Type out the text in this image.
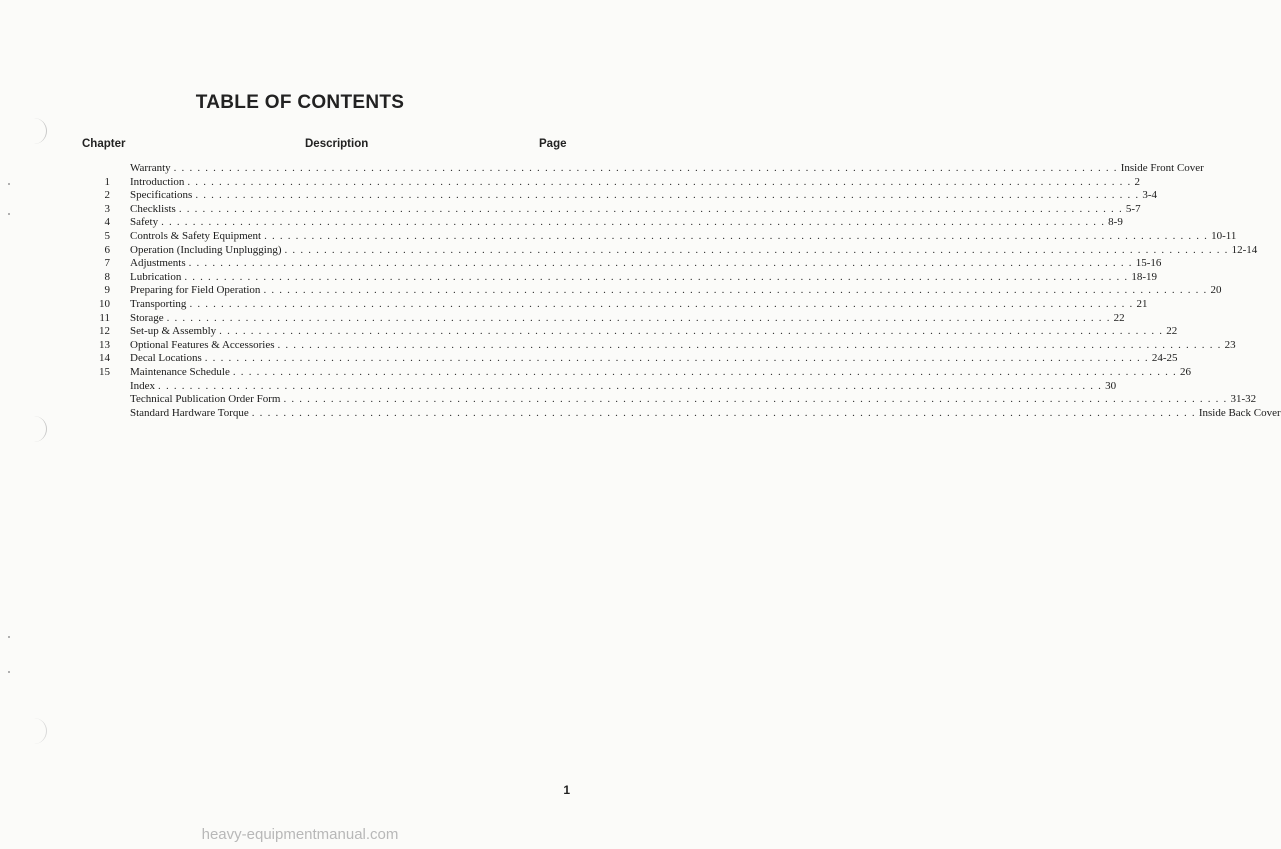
TABLE OF CONTENTS
Chapter	Description	Page
Warranty . . . . . . . . . . . . . . . . . . . . . . . . . . . . . . . . . . . . . . . . . . . . . . . . . . . . . . . . . . . . . . . . . . . . . . . . . . . . . . . . . . . . . . . . . . . . . . . . . . . . . . . . . . . . . . . . . . . . . . . . Inside Front Cover
1 Introduction . . . . . . . . . . . . . . . . . . . . . . . . . . . . . . . . . . . . . . . . . . . . . . . . . . . . . . . . . . . . . . . . . . . . . . . . . . . . . . . . . . . . . . . . . . . . . . . . . . . . . . . . . . . . . . . . . . . . . . . . 2
2 Specifications . . . . . . . . . . . . . . . . . . . . . . . . . . . . . . . . . . . . . . . . . . . . . . . . . . . . . . . . . . . . . . . . . . . . . . . . . . . . . . . . . . . . . . . . . . . . . . . . . . . . . . . . . . . . . . . . . . . . . . . . 3-4
3 Checklists . . . . . . . . . . . . . . . . . . . . . . . . . . . . . . . . . . . . . . . . . . . . . . . . . . . . . . . . . . . . . . . . . . . . . . . . . . . . . . . . . . . . . . . . . . . . . . . . . . . . . . . . . . . . . . . . . . . . . . . . 5-7
4 Safety . . . . . . . . . . . . . . . . . . . . . . . . . . . . . . . . . . . . . . . . . . . . . . . . . . . . . . . . . . . . . . . . . . . . . . . . . . . . . . . . . . . . . . . . . . . . . . . . . . . . . . . . . . . . . . . . . . . . . . . . 8-9
5 Controls & Safety Equipment . . . . . . . . . . . . . . . . . . . . . . . . . . . . . . . . . . . . . . . . . . . . . . . . . . . . . . . . . . . . . . . . . . . . . . . . . . . . . . . . . . . . . . . . . . . . . . . . . . . . . . . . . . . . . . . . . . . . . . . . 10-11
6 Operation (Including Unplugging) . . . . . . . . . . . . . . . . . . . . . . . . . . . . . . . . . . . . . . . . . . . . . . . . . . . . . . . . . . . . . . . . . . . . . . . . . . . . . . . . . . . . . . . . . . . . . . . . . . . . . . . . . . . . . . . . . . . . . . . . 12-14
7 Adjustments . . . . . . . . . . . . . . . . . . . . . . . . . . . . . . . . . . . . . . . . . . . . . . . . . . . . . . . . . . . . . . . . . . . . . . . . . . . . . . . . . . . . . . . . . . . . . . . . . . . . . . . . . . . . . . . . . . . . . . . . 15-16
8 Lubrication . . . . . . . . . . . . . . . . . . . . . . . . . . . . . . . . . . . . . . . . . . . . . . . . . . . . . . . . . . . . . . . . . . . . . . . . . . . . . . . . . . . . . . . . . . . . . . . . . . . . . . . . . . . . . . . . . . . . . . . . 18-19
9 Preparing for Field Operation . . . . . . . . . . . . . . . . . . . . . . . . . . . . . . . . . . . . . . . . . . . . . . . . . . . . . . . . . . . . . . . . . . . . . . . . . . . . . . . . . . . . . . . . . . . . . . . . . . . . . . . . . . . . . . . . . . . . . . . . 20
10 Transporting . . . . . . . . . . . . . . . . . . . . . . . . . . . . . . . . . . . . . . . . . . . . . . . . . . . . . . . . . . . . . . . . . . . . . . . . . . . . . . . . . . . . . . . . . . . . . . . . . . . . . . . . . . . . . . . . . . . . . . . . 21
11 Storage . . . . . . . . . . . . . . . . . . . . . . . . . . . . . . . . . . . . . . . . . . . . . . . . . . . . . . . . . . . . . . . . . . . . . . . . . . . . . . . . . . . . . . . . . . . . . . . . . . . . . . . . . . . . . . . . . . . . . . . . 22
12 Set-up & Assembly . . . . . . . . . . . . . . . . . . . . . . . . . . . . . . . . . . . . . . . . . . . . . . . . . . . . . . . . . . . . . . . . . . . . . . . . . . . . . . . . . . . . . . . . . . . . . . . . . . . . . . . . . . . . . . . . . . . . . . . . 22
13 Optional Features & Accessories . . . . . . . . . . . . . . . . . . . . . . . . . . . . . . . . . . . . . . . . . . . . . . . . . . . . . . . . . . . . . . . . . . . . . . . . . . . . . . . . . . . . . . . . . . . . . . . . . . . . . . . . . . . . . . . . . . . . . . . . 23
14 Decal Locations . . . . . . . . . . . . . . . . . . . . . . . . . . . . . . . . . . . . . . . . . . . . . . . . . . . . . . . . . . . . . . . . . . . . . . . . . . . . . . . . . . . . . . . . . . . . . . . . . . . . . . . . . . . . . . . . . . . . . . . . 24-25
15 Maintenance Schedule . . . . . . . . . . . . . . . . . . . . . . . . . . . . . . . . . . . . . . . . . . . . . . . . . . . . . . . . . . . . . . . . . . . . . . . . . . . . . . . . . . . . . . . . . . . . . . . . . . . . . . . . . . . . . . . . . . . . . . . . 26
Index . . . . . . . . . . . . . . . . . . . . . . . . . . . . . . . . . . . . . . . . . . . . . . . . . . . . . . . . . . . . . . . . . . . . . . . . . . . . . . . . . . . . . . . . . . . . . . . . . . . . . . . . . . . . . . . . . . . . . . . . 30
Technical Publication Order Form . . . . . . . . . . . . . . . . . . . . . . . . . . . . . . . . . . . . . . . . . . . . . . . . . . . . . . . . . . . . . . . . . . . . . . . . . . . . . . . . . . . . . . . . . . . . . . . . . . . . . . . . . . . . . . . . . . . . . . . . 31-32
Standard Hardware Torque . . . . . . . . . . . . . . . . . . . . . . . . . . . . . . . . . . . . . . . . . . . . . . . . . . . . . . . . . . . . . . . . . . . . . . . . . . . . . . . . . . . . . . . . . . . . . . . . . . . . . . . . . . . . . . . . . . . . . . . . Inside Back Cover
1
heavy-equipmentmanual.com
